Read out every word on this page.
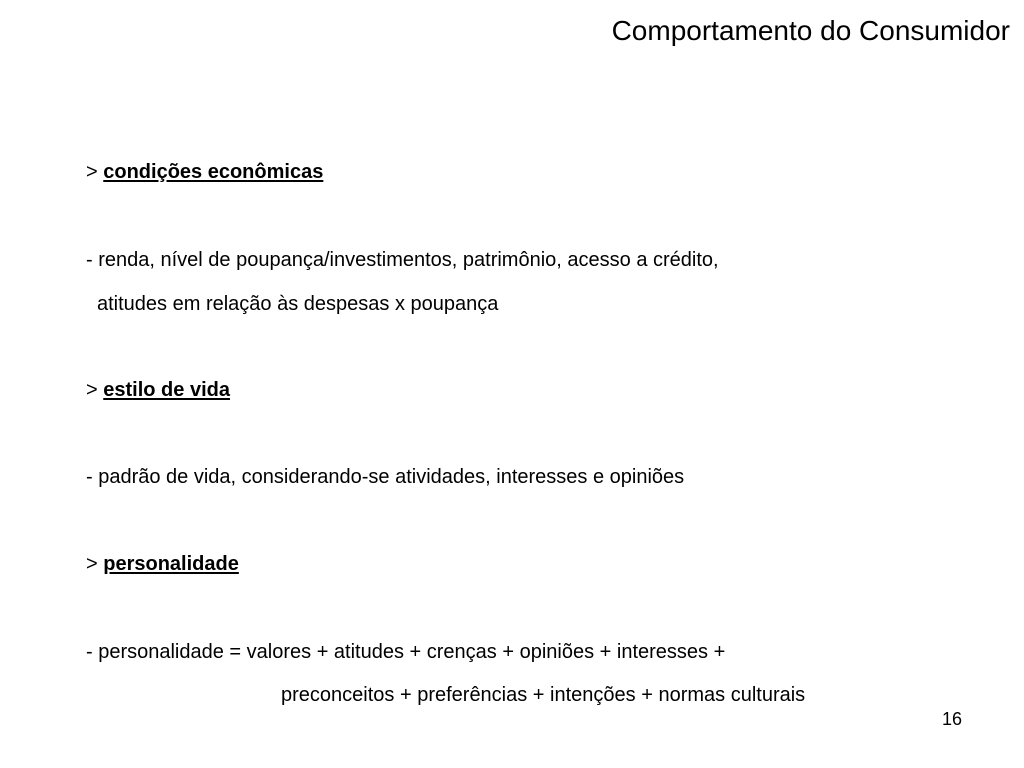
Comportamento do Consumidor
> condições econômicas
- renda, nível de poupança/investimentos, patrimônio, acesso a crédito,
atitudes em relação às despesas x poupança
> estilo de vida
- padrão de vida, considerando-se atividades, interesses e opiniões
> personalidade
- personalidade = valores + atitudes + crenças + opiniões + interesses +
preconceitos + preferências + intenções + normas culturais
16
